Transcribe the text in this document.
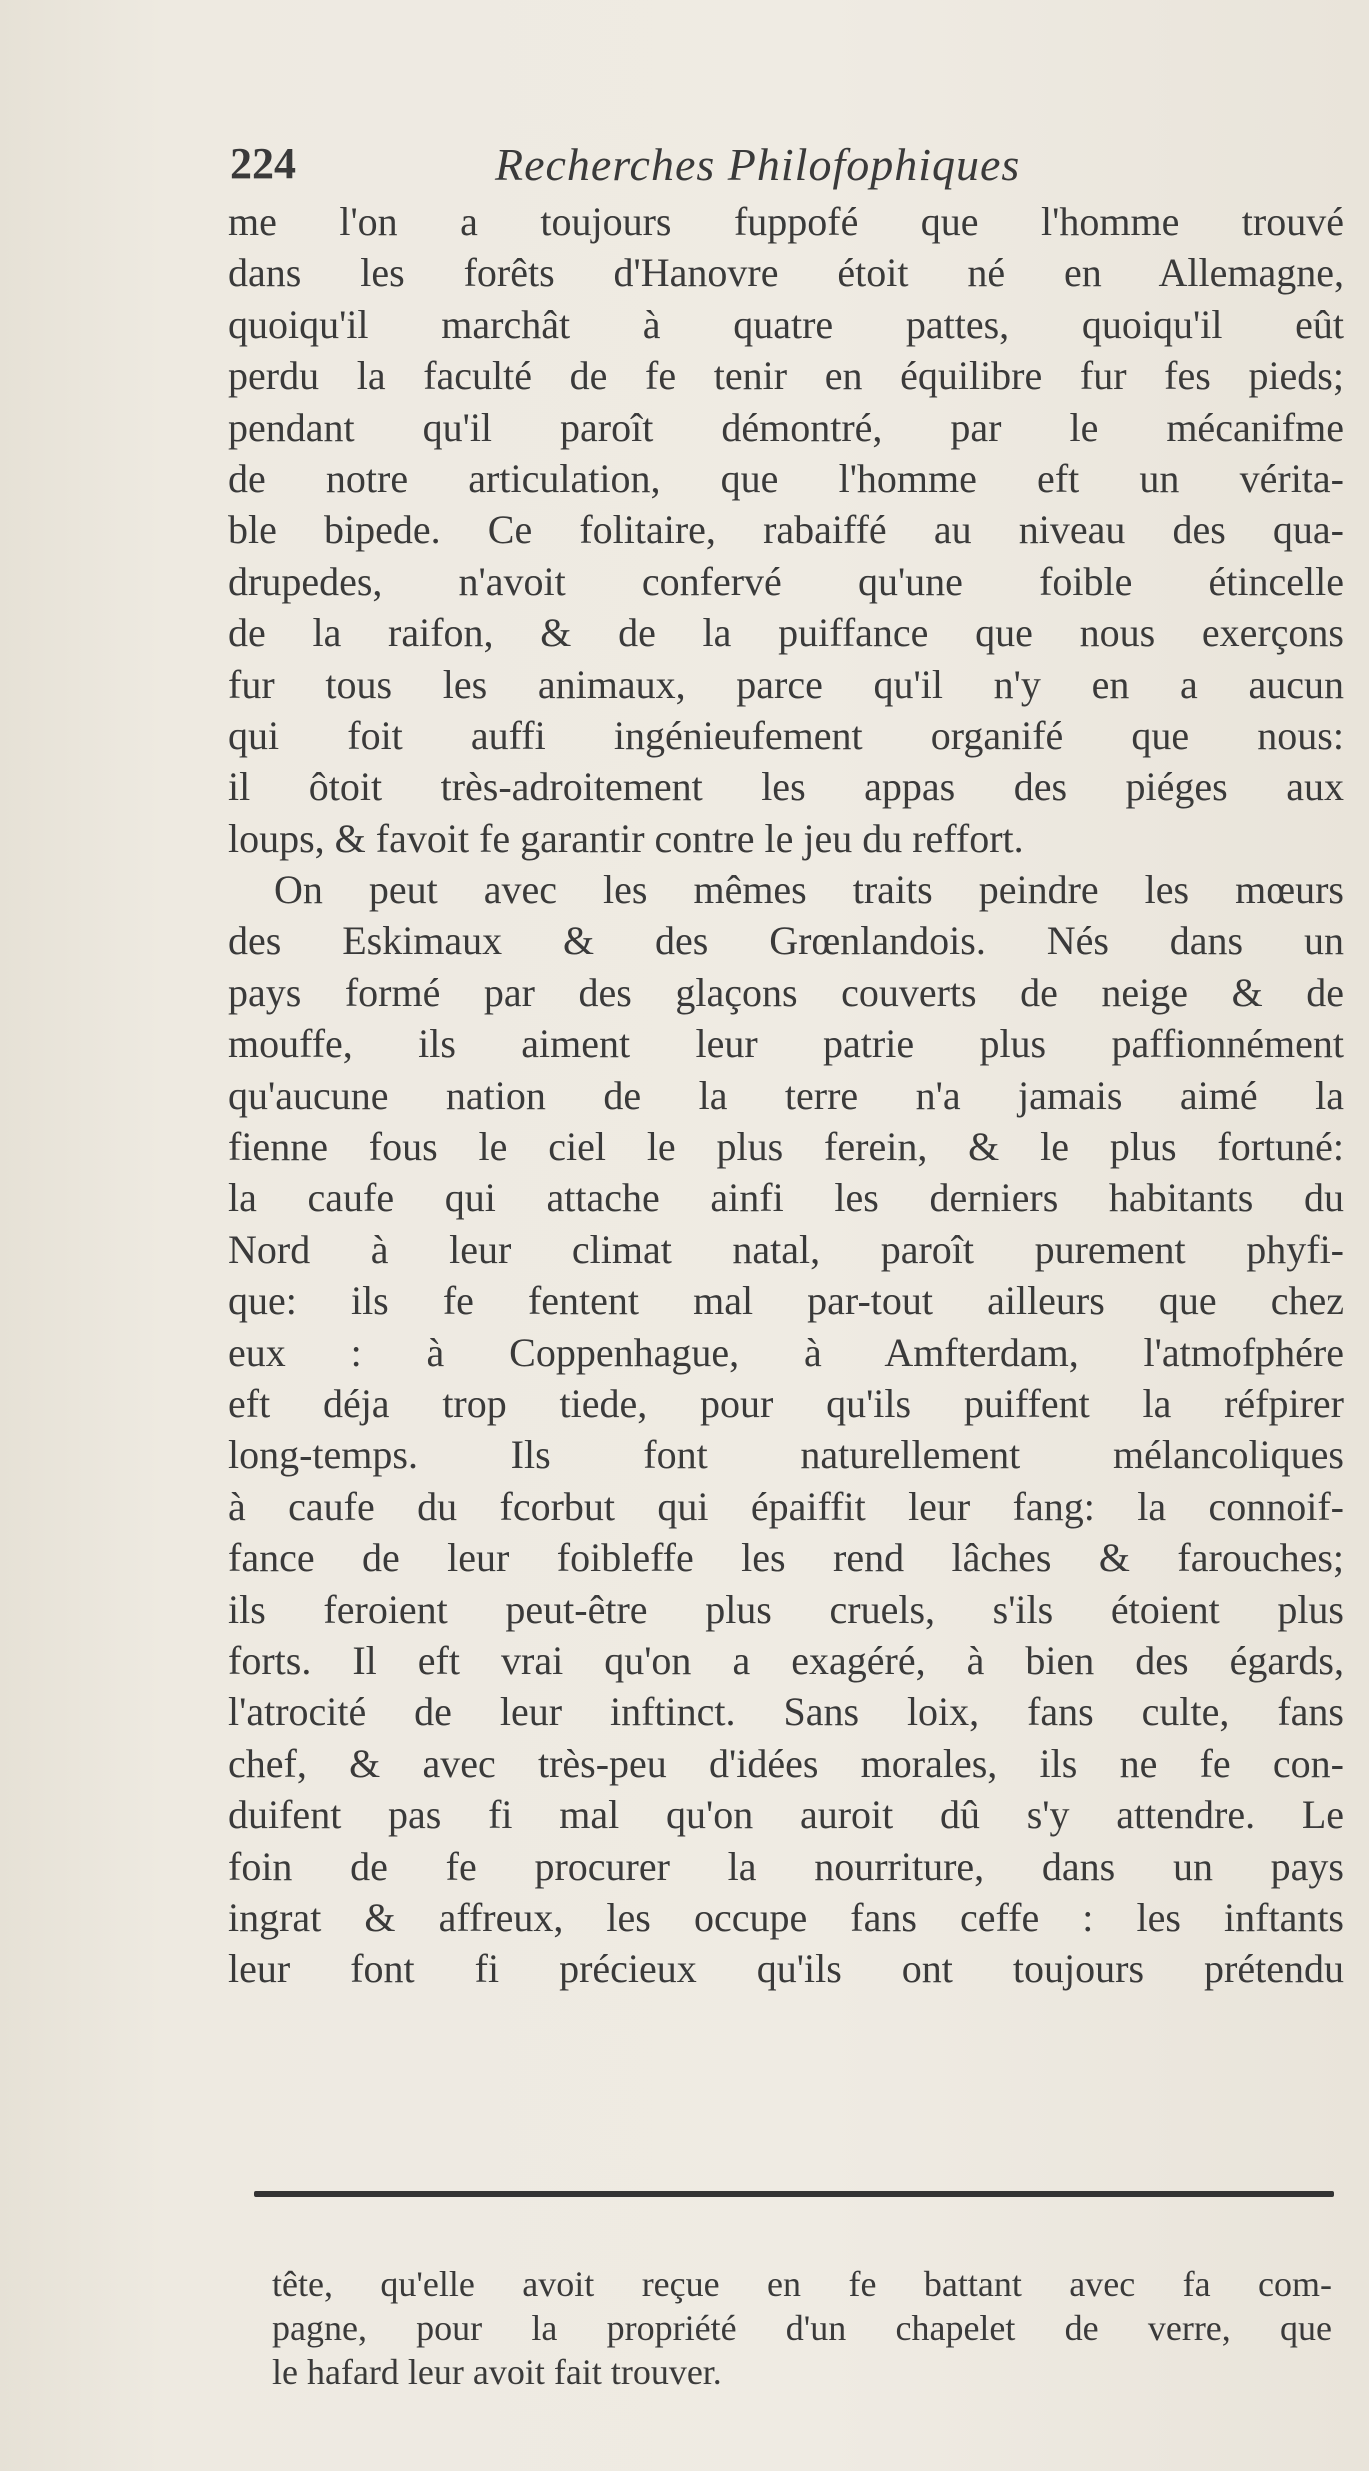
224	Recherches Philofophiques
me l'on a toujours fuppofé que l'homme trouvé
dans les forêts d'Hanovre étoit né en Allemagne,
quoiqu'il marchât à quatre pattes, quoiqu'il eût
perdu la faculté de fe tenir en équilibre fur fes pieds;
pendant qu'il paroît démontré, par le mécanifme
de notre articulation, que l'homme eft un vérita-
ble bipede. Ce folitaire, rabaiffé au niveau des qua-
drupedes, n'avoit confervé qu'une foible étincelle
de la raifon, & de la puiffance que nous exerçons
fur tous les animaux, parce qu'il n'y en a aucun
qui foit auffi ingénieufement organifé que nous:
il ôtoit très-adroitement les appas des piéges aux
loups, & favoit fe garantir contre le jeu du reffort.
On peut avec les mêmes traits peindre les mœurs
des Eskimaux & des Grœnlandois. Nés dans un
pays formé par des glaçons couverts de neige & de
mouffe, ils aiment leur patrie plus paffionnément
qu'aucune nation de la terre n'a jamais aimé la
fienne fous le ciel le plus ferein, & le plus fortuné:
la caufe qui attache ainfi les derniers habitants du
Nord à leur climat natal, paroît purement phyfi-
que: ils fe fentent mal par-tout ailleurs que chez
eux : à Coppenhague, à Amfterdam, l'atmofphére
eft déja trop tiede, pour qu'ils puiffent la réfpirer
long-temps. Ils font naturellement mélancoliques
à caufe du fcorbut qui épaiffit leur fang: la connoif-
fance de leur foibleffe les rend lâches & farouches;
ils feroient peut-être plus cruels, s'ils étoient plus
forts. Il eft vrai qu'on a exagéré, à bien des égards,
l'atrocité de leur inftinct. Sans loix, fans culte, fans
chef, & avec très-peu d'idées morales, ils ne fe con-
duifent pas fi mal qu'on auroit dû s'y attendre. Le
foin de fe procurer la nourriture, dans un pays
ingrat & affreux, les occupe fans ceffe : les inftants
leur font fi précieux qu'ils ont toujours prétendu
tête, qu'elle avoit reçue en fe battant avec fa com-
pagne, pour la propriété d'un chapelet de verre, que
le hafard leur avoit fait trouver.
